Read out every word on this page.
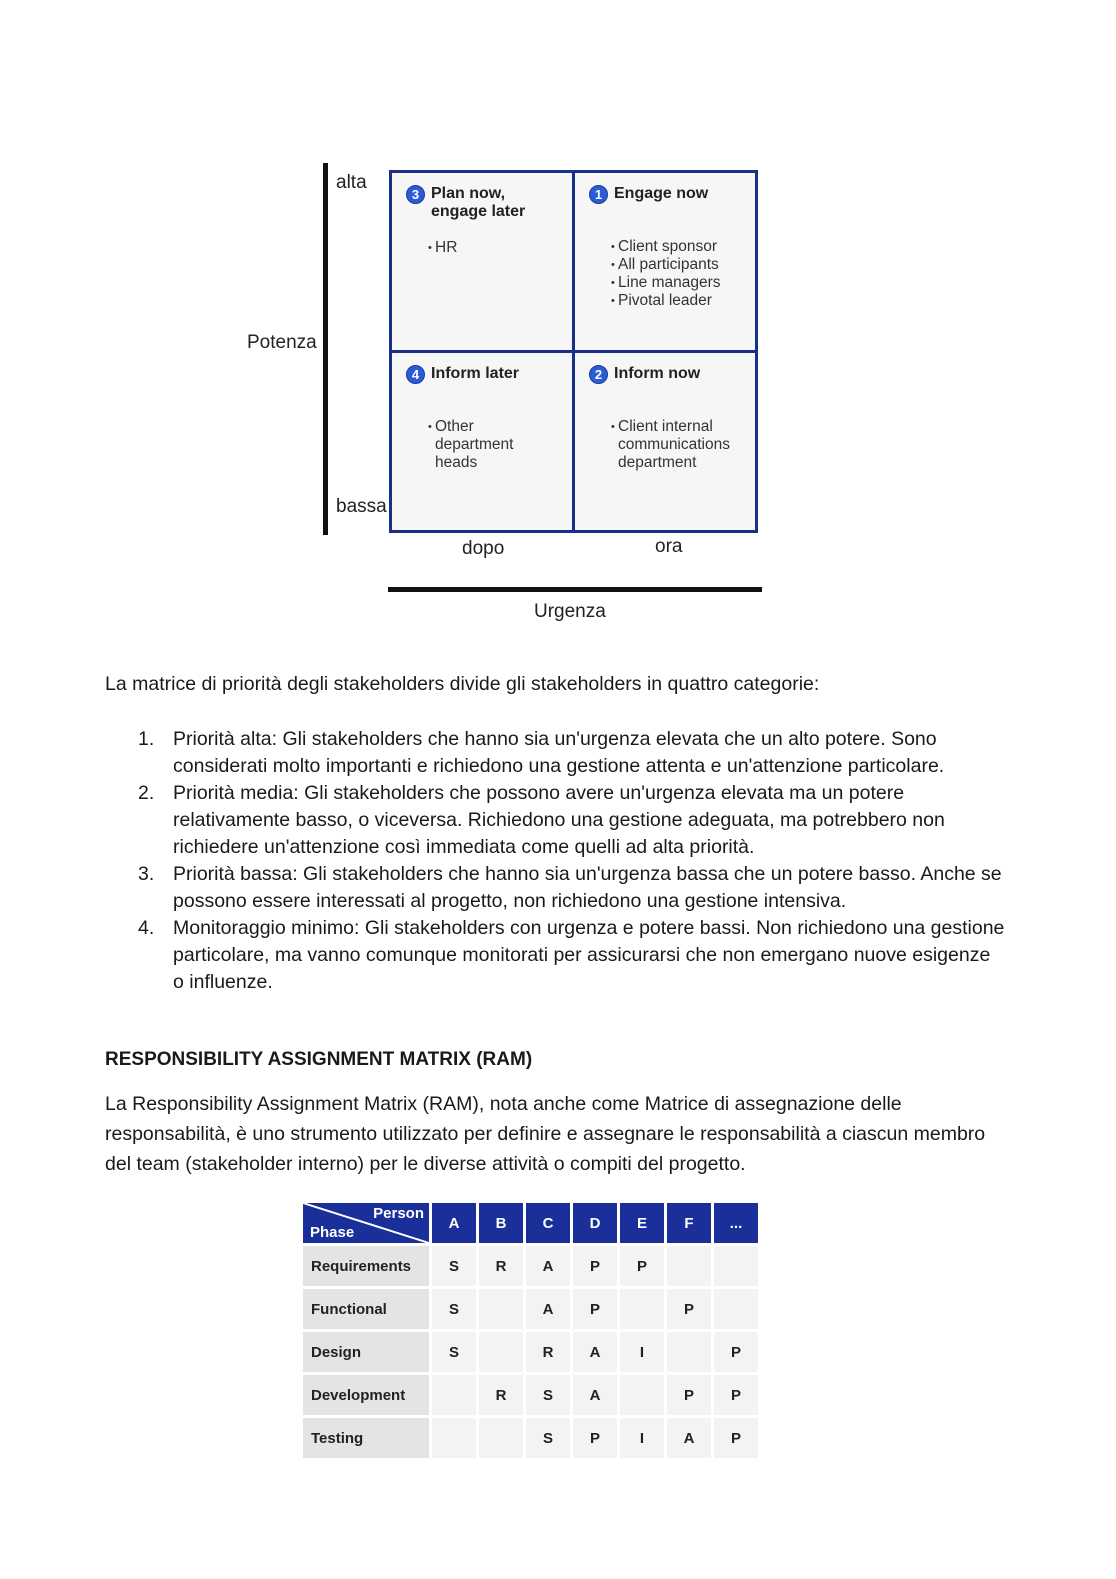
alta
Potenza
bassa
3 Plan now,
engage later
• HR
1 Engage now
• Client sponsor
• All participants
• Line managers
• Pivotal leader
4 Inform later
• Other
department
heads
2 Inform now
• Client internal
communications
department
dopo	ora
Urgenza
La matrice di priorità degli stakeholders divide gli stakeholders in quattro categorie:
1. Priorità alta: Gli stakeholders che hanno sia un'urgenza elevata che un alto potere. Sono considerati molto importanti e richiedono una gestione attenta e un'attenzione particolare.
2. Priorità media: Gli stakeholders che possono avere un'urgenza elevata ma un potere relativamente basso, o viceversa. Richiedono una gestione adeguata, ma potrebbero non richiedere un'attenzione così immediata come quelli ad alta priorità.
3. Priorità bassa: Gli stakeholders che hanno sia un'urgenza bassa che un potere basso. Anche se possono essere interessati al progetto, non richiedono una gestione intensiva.
4. Monitoraggio minimo: Gli stakeholders con urgenza e potere bassi. Non richiedono una gestione particolare, ma vanno comunque monitorati per assicurarsi che non emergano nuove esigenze o influenze.
RESPONSIBILITY ASSIGNMENT MATRIX (RAM)
La Responsibility Assignment Matrix (RAM), nota anche come Matrice di assegnazione delle responsabilità, è uno strumento utilizzato per definire e assegnare le responsabilità a ciascun membro del team (stakeholder interno) per le diverse attività o compiti del progetto.
Person
Phase	A	B	C	D	E	F	...
Requirements	S	R	A	P	P		
Functional	S		A	P		P	
Design	S		R	A	I		P
Development		R	S	A		P	P
Testing			S	P	I	A	P
